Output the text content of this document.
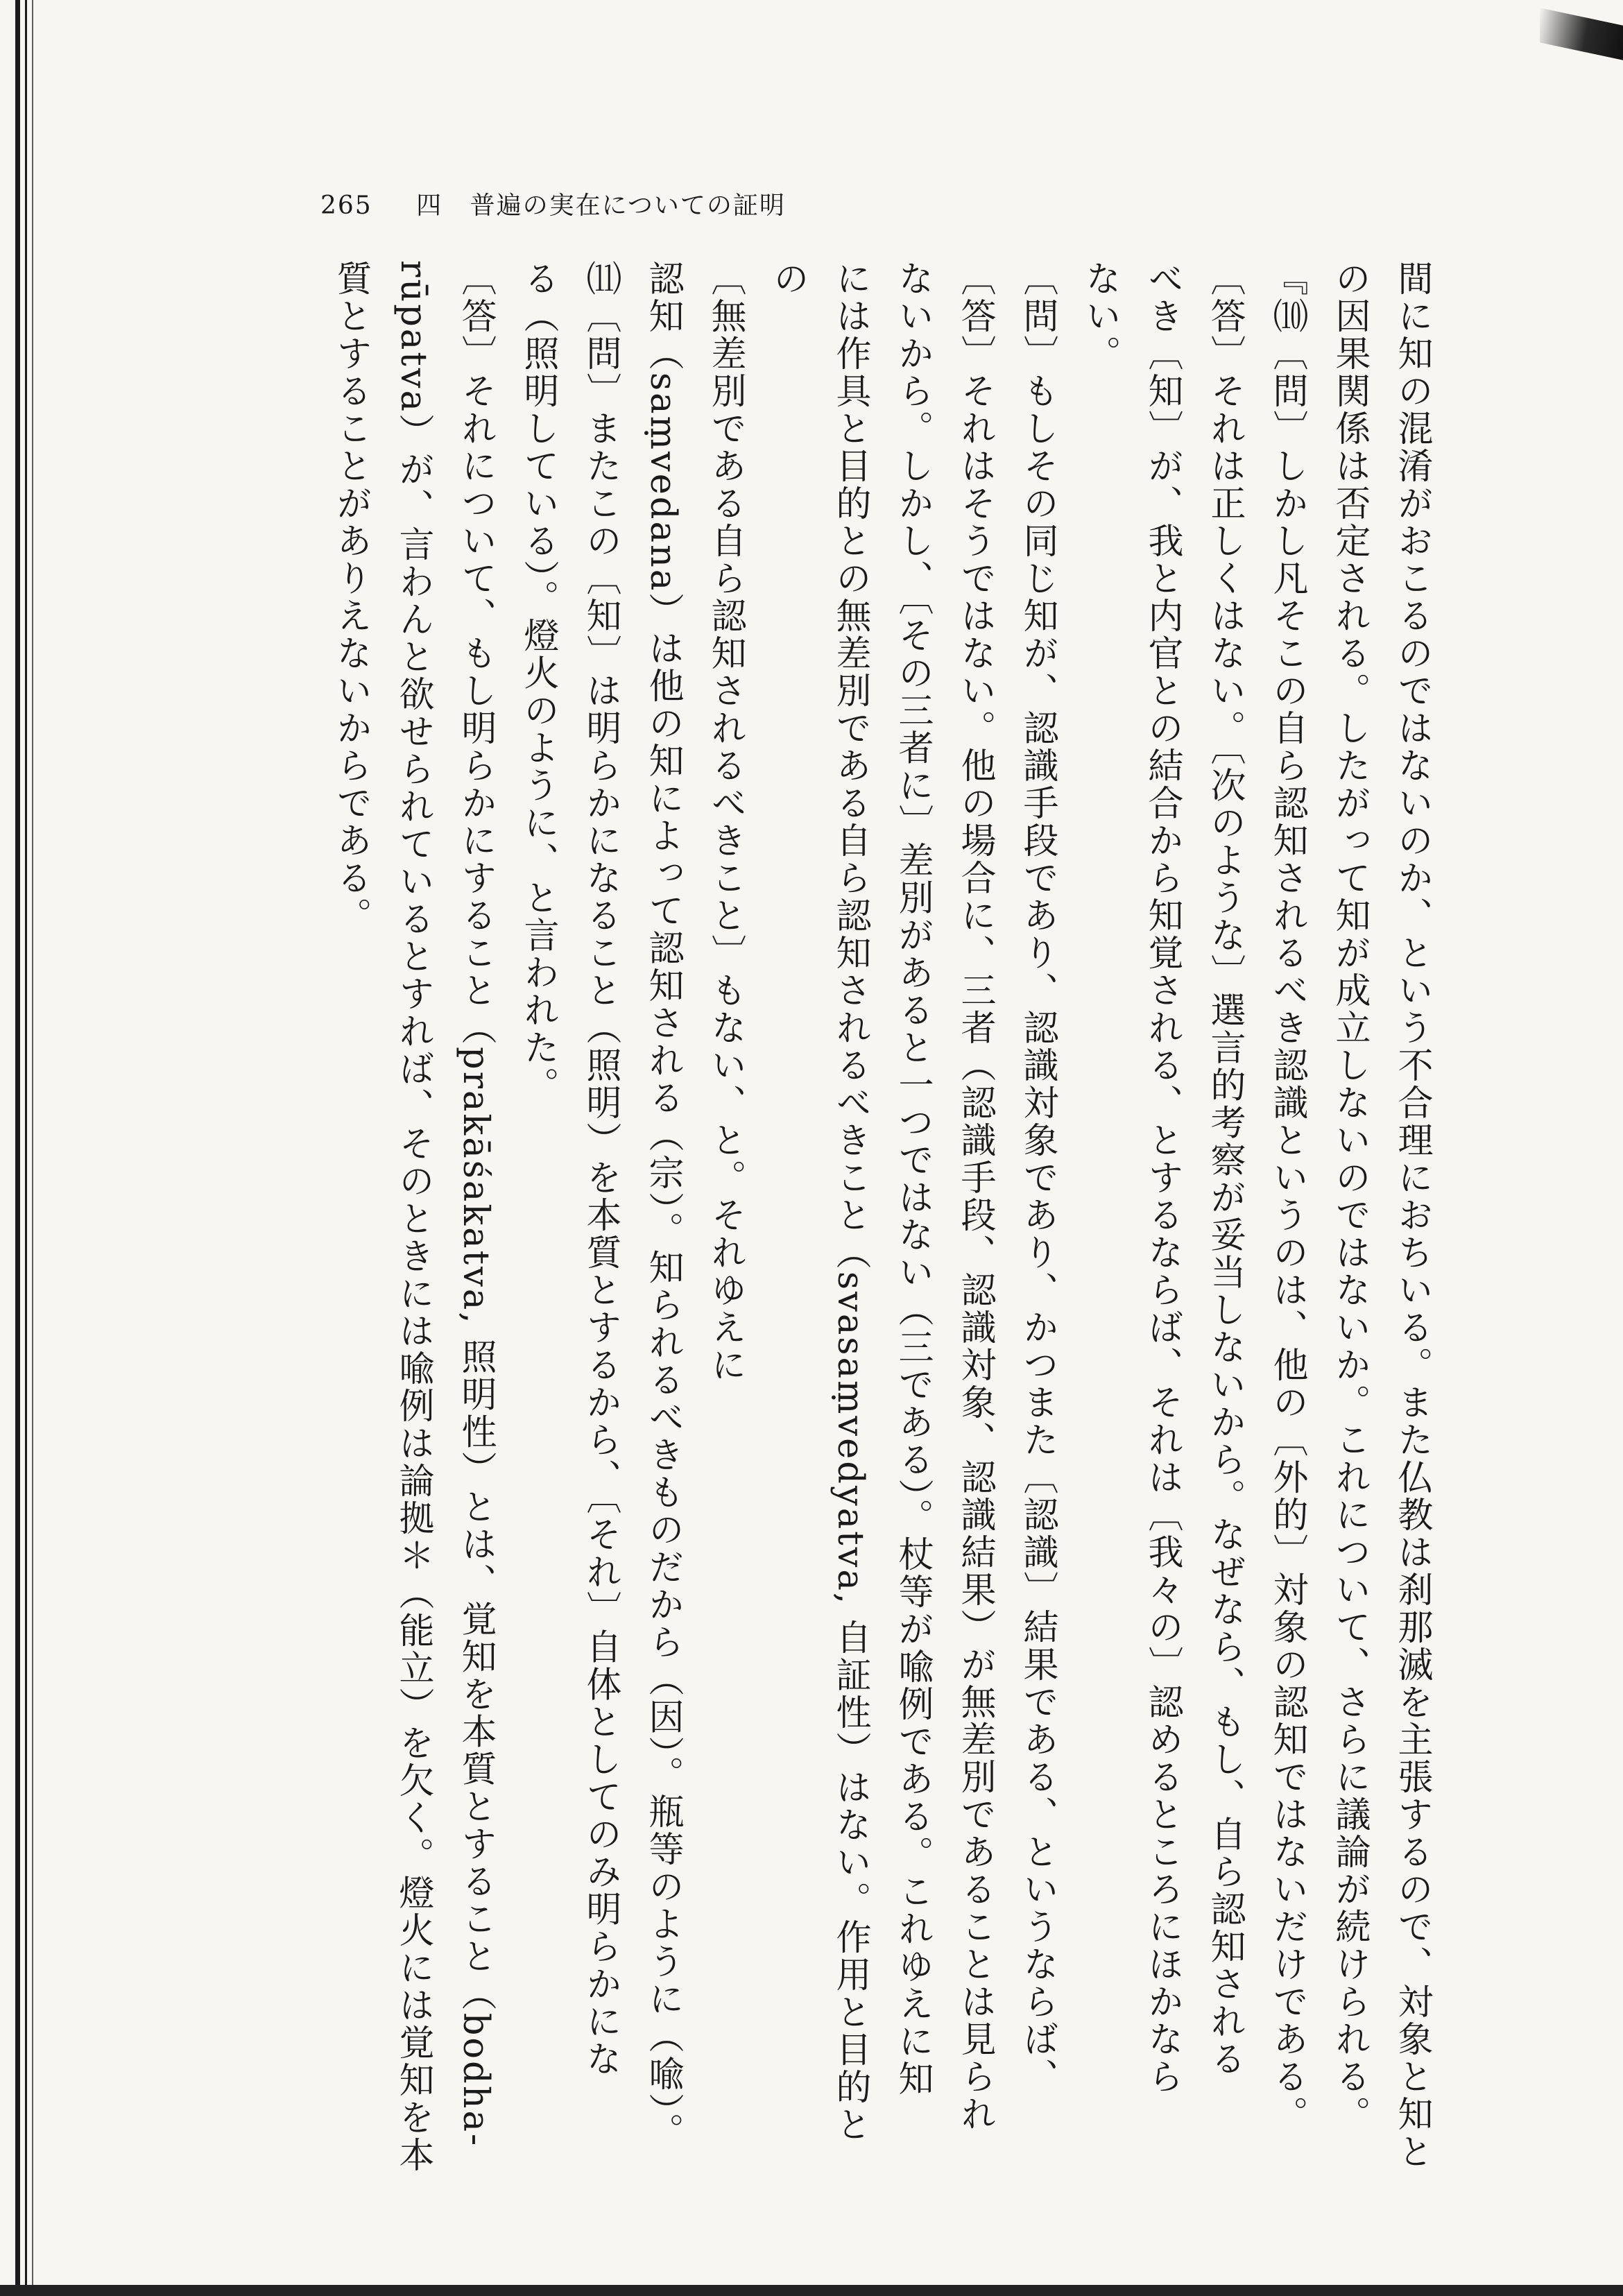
265 四 普遍の実在についての証明

間に知の混淆がおこるのではないのか、という不合理におちいる。また仏教は刹那滅を主張するので、対象と知と

の因果関係は否定される。したがって知が成立しないのではないか。これについて、さらに議論が続けられる。

『⑽〔問〕しかし凡そこの自ら認知されるべき認識というのは、他の〔外的〕対象の認知ではないだけである。

〔答〕それは正しくはない。〔次のような〕選言的考察が妥当しないから。なぜなら、もし、自ら認知される

べき〔知〕が、我と内官との結合から知覚される、とするならば、それは〔我々の〕認めるところにほかなら

ない。

〔問〕もしその同じ知が、認識手段であり、認識対象であり、かつまた〔認識〕結果である、というならば、

〔答〕それはそうではない。他の場合に、三者（認識手段、認識対象、認識結果）が無差別であることは見られ

ないから。しかし、〔その三者に〕差別があると一つではない（三である）。杖等が喩例である。これゆえに知

には作具と目的との無差別である自ら認知されるべきこと（svasaṃvedyatva, 自証性）はない。作用と目的との

〔無差別である自ら認知されるべきこと〕もない、と。それゆえに

認知（saṃvedana）は他の知によって認知される（宗）。知られるべきものだから（因）。瓶等のように（喩）。

⑾〔問〕またこの〔知〕は明らかになること（照明）を本質とするから、〔それ〕自体としてのみ明らかにな

る（照明している）。燈火のように、と言われた。

〔答〕それについて、もし明らかにすること（prakāśakatva, 照明性）とは、覚知を本質とすること（bodha-

rūpatva）が、言わんと欲せられているとすれば、そのときには喩例は論拠＊（能立）を欠く。燈火には覚知を本

質とすることがありえないからである。
